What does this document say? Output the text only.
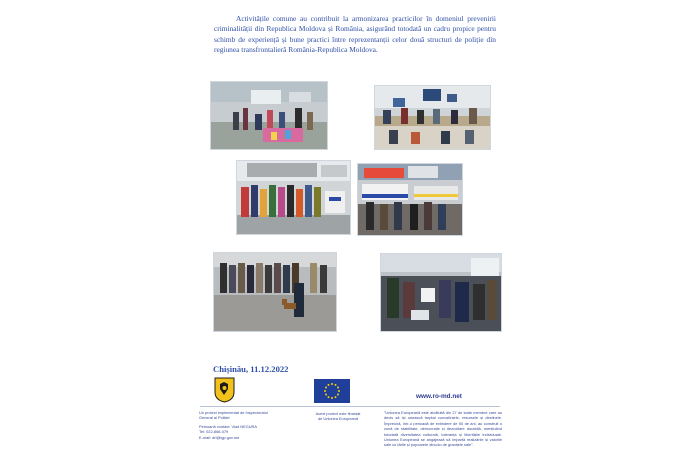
Activitățile comune au contribuit la armonizarea practicilor în domeniul prevenirii criminalității din Republica Moldova și România, asigurând totodată un cadru propice pentru schimb de experiență și bune practici între reprezentanții celor două structuri de poliție din regiunea transfrontalieră România-Republica Moldova.

Chișinău, 11.12.2022
www.ro-md.net

Un proiect implementat de Inspectoratul

General al Poliției

Persoană contact: Vlad NEGURA

Tel: 022-866-079

E-mail: dri@igp.gov.md

Acest proiect este finanțat

de Uniunea Europeană

"Uniunea Europeană este alcătuită din 27 de state membre care au decis să își unească treptat cunoștințele, resursele și destinele. Împreună, într-o perioadă de extindere de 50 de ani, au construit o zonă de stabilitate, democrație și dezvoltare durabilă, menținând totodată diversitatea culturală, toleranța și libertățile individuale. Uniunea Europeană se angajează să împartă realizările și valorile sale cu țările și popoarele dincolo de granițele sale".
